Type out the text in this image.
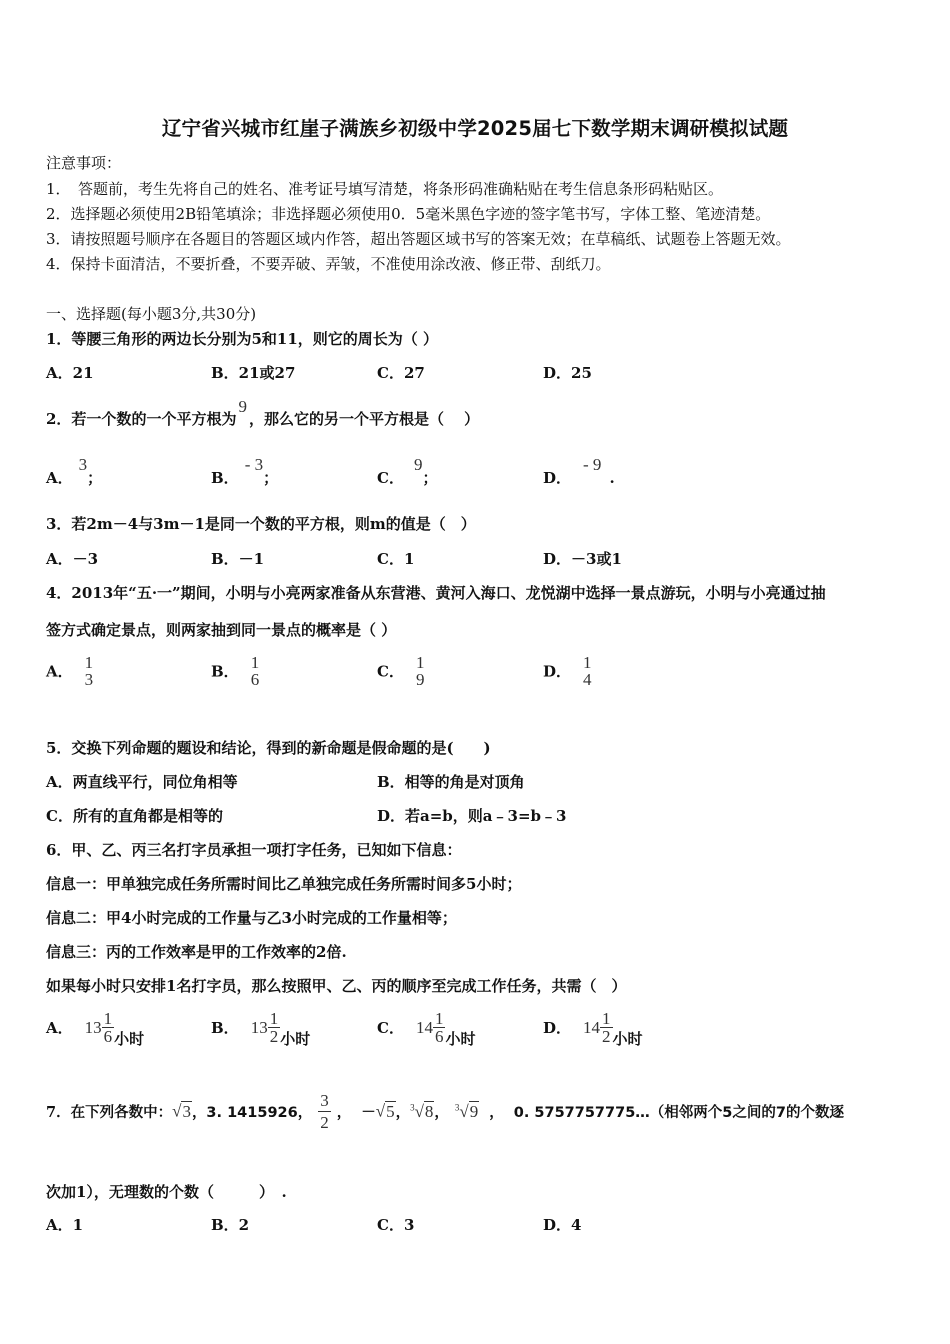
辽宁省兴城市红崖子满族乡初级中学2025届七下数学期末调研模拟试题
注意事项：
1．　答题前，考生先将自己的姓名、准考证号填写清楚，将条形码准确粘贴在考生信息条形码粘贴区。
2．选择题必须使用2B铅笔填涂；非选择题必须使用0．5毫米黑色字迹的签字笔书写，字体工整、笔迹清楚。
3．请按照题号顺序在各题目的答题区域内作答，超出答题区域书写的答案无效；在草稿纸、试题卷上答题无效。
4．保持卡面清洁，不要折叠，不要弄破、弄皱，不准使用涂改液、修正带、刮纸刀。
一、选择题(每小题3分,共30分)
1．等腰三角形的两边长分别为5和11，则它的周长为（ ）
A．21	B．21或27	C．27	D．25
2．若一个数的一个平方根为9，那么它的另一个平方根是（　 ）
A．3；	B．- 3；	C．9；	D．- 9.
3．若2m－4与3m－1是同一个数的平方根，则m的值是（　）
A．－3	B．－1	C．1	D．－3或1
4．2013年“五·一”期间，小明与小亮两家准备从东营港、黄河入海口、龙悦湖中选择一景点游玩，小明与小亮通过抽
签方式确定景点，则两家抽到同一景点的概率是（ ）
A． 1
3	B． 1
6	C． 1
9	D． 1
4
5．交换下列命题的题设和结论，得到的新命题是假命题的是(　　)
A．两直线平行，同位角相等	B．相等的角是对顶角
C．所有的直角都是相等的	D．若a=b，则a﹣3=b﹣3
6．甲、乙、丙三名打字员承担一项打字任务，已知如下信息：
信息一：甲单独完成任务所需时间比乙单独完成任务所需时间多5小时；
信息二：甲4小时完成的工作量与乙3小时完成的工作量相等；
信息三：丙的工作效率是甲的工作效率的2倍.
如果每小时只安排1名打字员，那么按照甲、乙、丙的顺序至完成工作任务，共需（　）
A． $13 \frac{1}{6}$ 小时
B． $13 \frac{1}{2}$ 小时
C． $14 \frac{1}{6}$ 小时
D． $14 \frac{1}{2}$ 小时
7．在下列各数中：√3，3. 1415926， $\frac{3}{2}$ ， －√5，$^3$√8， $^3$√9 ， 0. 5757757775…（相邻两个5之间的7的个数逐
次加1），无理数的个数（　　　）　.
A．1	B．2	C．3	D．4
